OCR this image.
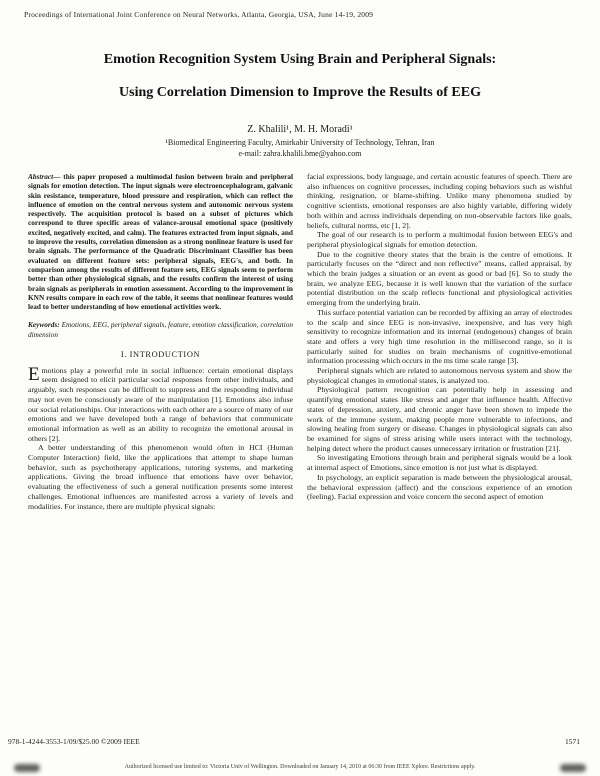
Proceedings of International Joint Conference on Neural Networks, Atlanta, Georgia, USA, June 14-19, 2009
Emotion Recognition System Using Brain and Peripheral Signals:
Using Correlation Dimension to Improve the Results of EEG
Z. Khalili¹, M. H. Moradi¹
¹Biomedical Engineering Faculty, Amirkabir University of Technology, Tehran, Iran
e-mail: zahra.khalili.bme@yahoo.com

Abstract— this paper proposed a multimodal fusion between brain and peripheral signals for emotion detection. The input signals were electroencephalogram, galvanic skin resistance, temperature, blood pressure and respiration, which can reflect the influence of emotion on the central nervous system and autonomic nervous system respectively. The acquisition protocol is based on a subset of pictures which correspond to three specific areas of valance-arousal emotional space (positively excited, negatively excited, and calm). The features extracted from input signals, and to improve the results, correlation dimension as a strong nonlinear feature is used for brain signals. The performance of the Quadratic Discriminant Classifier has been evaluated on different feature sets: peripheral signals, EEG's, and both. In comparison among the results of different feature sets, EEG signals seem to perform better than other physiological signals, and the results confirm the interest of using brain signals as peripherals in emotion assessment. According to the improvement in KNN results compare in each row of the table, it seems that nonlinear features would lead to better understanding of how emotional activities work.

Keywords: Emotions, EEG, peripheral signals, feature, emotion classification, correlation dimension

I. INTRODUCTION

Emotions play a powerful role in social influence: certain emotional displays seem designed to elicit particular social responses from other individuals, and arguably, such responses can be difficult to suppress and the responding individual may not even be consciously aware of the manipulation [1]. Emotions also infuse our social relationships. Our interactions with each other are a source of many of our emotions and we have developed both a range of behaviors that communicate emotional information as well as an ability to recognize the emotional arousal in others [2].

A better understanding of this phenomenon would often in HCI (Human Computer Interaction) field, like the applications that attempt to shape human behavior, such as psychotherapy applications, tutoring systems, and marketing applications. Giving the broad influence that emotions have over behavior, evaluating the effectiveness of such a general notification presents some interest challenges. Emotional influences are manifested across a variety of levels and modalities. For instance, there are multiple physical signals:

facial expressions, body language, and certain acoustic features of speech. There are also influences on cognitive processes, including coping behaviors such as wishful thinking, resignation, or blame-shifting. Unlike many phenomena studied by cognitive scientists, emotional responses are also highly variable, differing widely both within and across individuals depending on non-observable factors like goals, beliefs, cultural norms, etc [1, 2].

The goal of our research is to perform a multimodal fusion between EEG's and peripheral physiological signals for emotion detection.

Due to the cognitive theory states that the brain is the centre of emotions. It particularly focuses on the “direct and non reflective” means, called appraisal, by which the brain judges a situation or an event as good or bad [6]. So to study the brain, we analyze EEG, because it is well known that the variation of the surface potential distribution on the scalp reflects functional and physiological activities emerging from the underlying brain.

This surface potential variation can be recorded by affixing an array of electrodes to the scalp and since EEG is non-invasive, inexpensive, and has very high sensitivity to recognize information and its internal (endogenous) changes of brain state and offers a very high time resolution in the millisecond range, so it is particularly suited for studies on brain mechanisms of cognitive-emotional information processing which occurs in the ms time scale range [3].

Peripheral signals which are related to autonomous nervous system and show the physiological changes in emotional states, is analyzed too.

Physiological pattern recognition can potentially help in assessing and quantifying emotional states like stress and anger that influence health. Affective states of depression, anxiety, and chronic anger have been shown to impede the work of the immune system, making people more vulnerable to infections, and slowing healing from surgery or disease. Changes in physiological signals can also be examined for signs of stress arising while users interact with the technology, helping detect where the product causes unnecessary irritation or frustration [21].

So investigating Emotions through brain and peripheral signals would be a look at internal aspect of Emotions, since emotion is not just what is displayed.

In psychology, an explicit separation is made between the physiological arousal, the behavioral expression (affect) and the conscious experience of an emotion (feeling). Facial expression and voice concern the second aspect of emotion

978-1-4244-3553-1/09/$25.00 ©2009 IEEE	1571
Authorized licensed use limited to: Victoria Univ of Wellington. Downloaded on January 14, 2010 at 06:30 from IEEE Xplore. Restrictions apply.
